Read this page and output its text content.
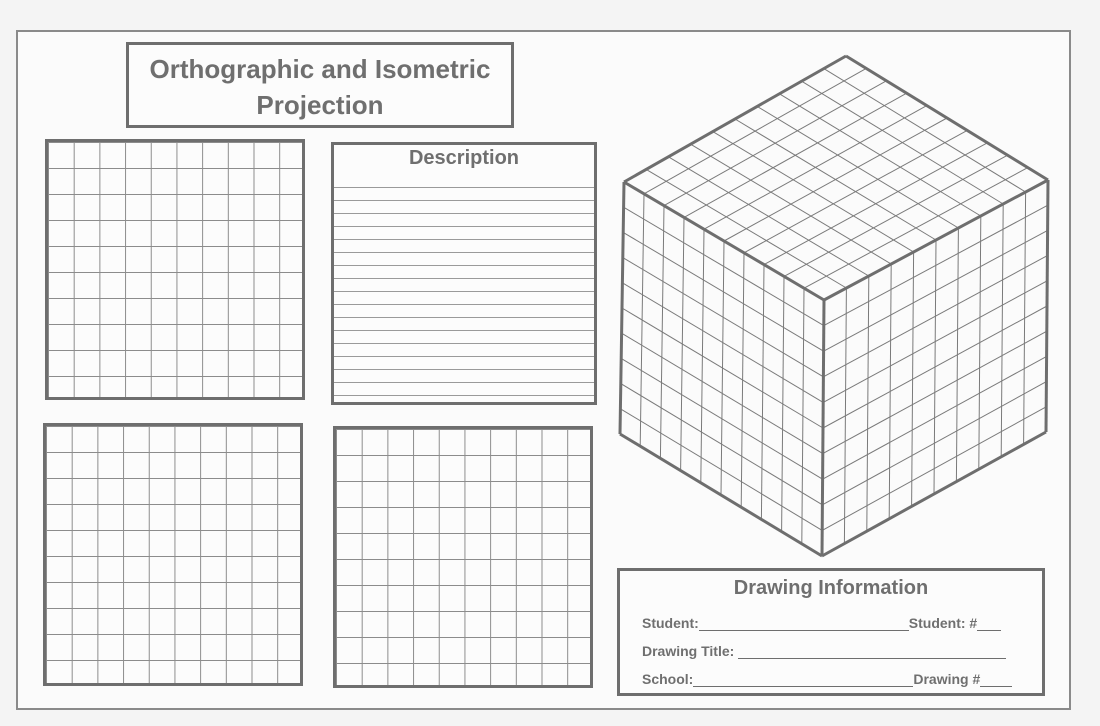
Orthographic and Isometric
Projection
Description
Drawing Information
Student:	Student: #
Drawing Title:
School:	Drawing #
